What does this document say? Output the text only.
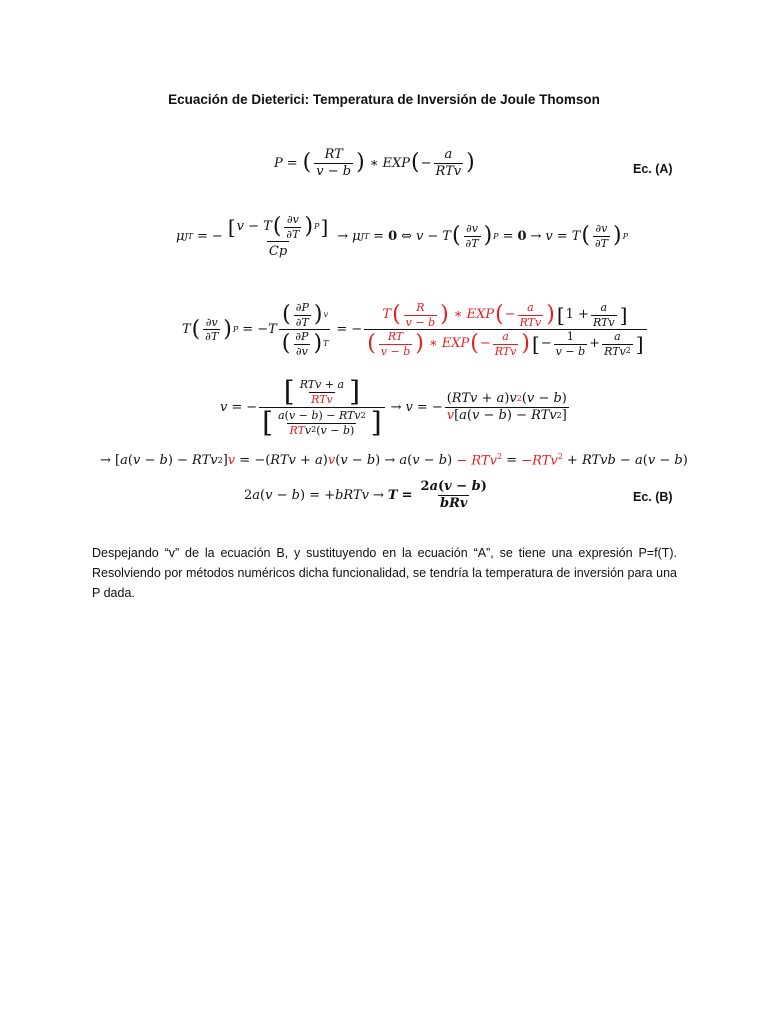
Ecuación de Dieterici: Temperatura de Inversión de Joule Thomson
P = ( $\frac{RT}{v - b}$ ) ∗ EXP ( − $\frac{a}{\text{RTv}}$ )	Ec. (A)
μ JT = − $\frac{[ v - T ( \frac{\partial v}{\partial T} ) P ]}{Cp} \to \mu$ JT = 0 ⇔ v − T ( $\frac{\partial v}{\partial T}$ ) P = 0 → v = T ( $\frac{\partial v}{\partial T}$ ) P
T ( $\frac{\partial v}{\partial T}$ ) P = − T $\frac{( \frac{\partial P}{\partial T} ) v}{( \frac{\partial P}{\partial v} ) T}$ = − $\frac{T ( \frac{R}{v - b} ) ∗ EXP ( - \frac{a}{\text{RTv}} ) [ 1 + \frac{a}{\text{RTv}} ]}{( \frac{RT}{v - b} ) ∗ EXP ( - \frac{a}{\text{RTv}} ) [ - \frac{1}{v - b} + \frac{a}{\text{RTv 2}} ]}$
v = − $\frac{[ \frac{\text{RTv + a}}{\text{RTv}} ]}{[ \frac{\text{a ( v − b ) − RTv 2}}{\text{RT v 2 ( v − b )}} ]} \to v$ = − $\frac{\text{( RTv + a ) v 2 ( v − b )}}{\text{v [ a ( v − b ) − RTv 2 ]}}$
→ [ a ( v − b ) − RTv 2 ] v = −( RTv + a ) v ( v − b ) → a ( v − b ) − RTv$^2$ = −RTv$^2$ + RTvb − a ( v − b )
2 a ( v − b ) = + bRTv → $T = \frac{2 a ( v - b )}{\text{bRv}}$	Ec. (B)
Despejando “v” de la ecuación B, y sustituyendo en la ecuación “A”, se tiene una expresión P=f(T). Resolviendo por métodos numéricos dicha funcionalidad, se tendría la temperatura de inversión para una P dada.
